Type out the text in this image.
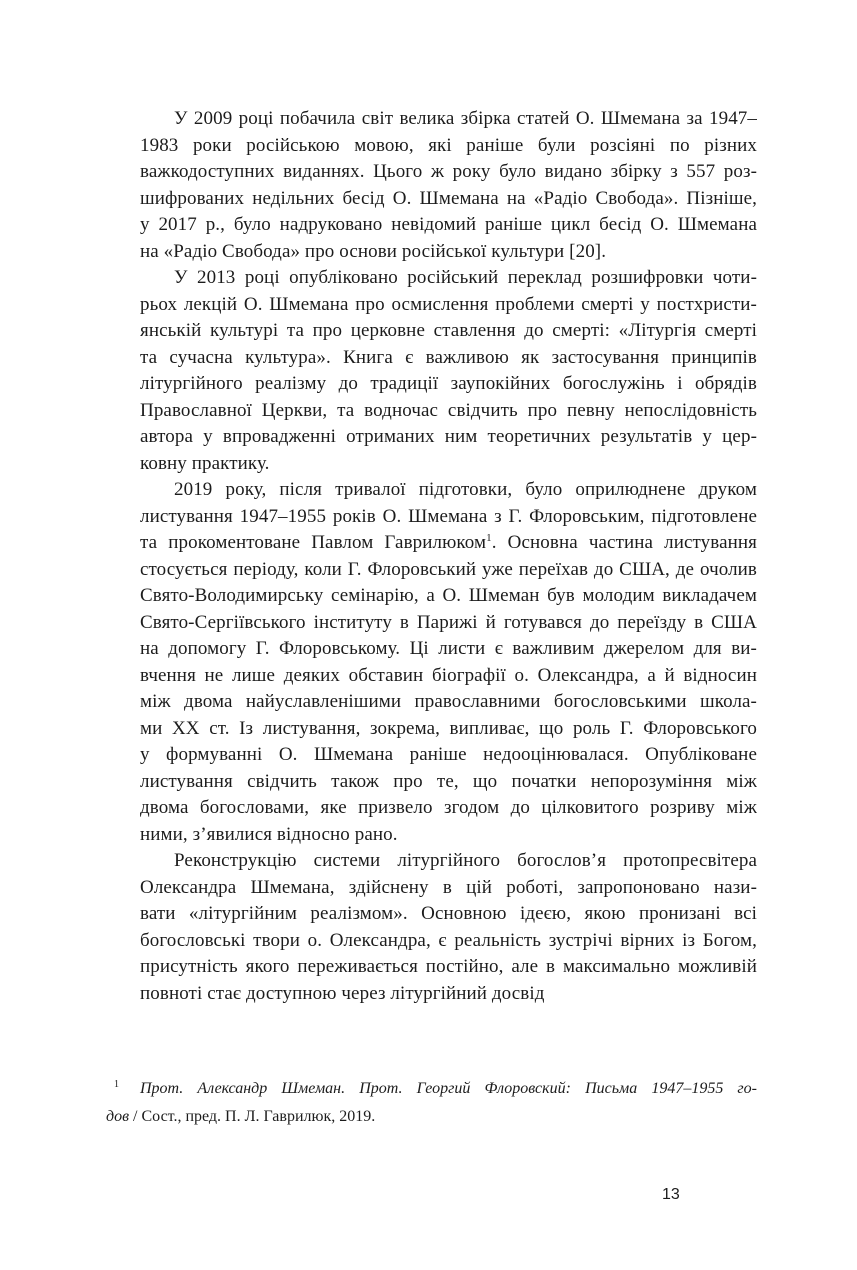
У 2009 році побачила світ велика збірка статей О. Шмемана за 1947–
1983 роки російською мовою, які раніше були розсіяні по різних
важкодоступних виданнях. Цього ж року було видано збірку з 557 роз-
шифрованих недільних бесід О. Шмемана на «Радіо Свобода». Пізніше,
у 2017 р., було надруковано невідомий раніше цикл бесід О. Шмемана
на «Радіо Свобода» про основи російської культури [20].

У 2013 році опубліковано російський переклад розшифровки чоти-
рьох лекцій О. Шмемана про осмислення проблеми смерті у постхристи-
янській культурі та про церковне ставлення до смерті: «Літургія смерті
та сучасна культура». Книга є важливою як застосування принципів
літургійного реалізму до традиції заупокійних богослужінь і обрядів
Православної Церкви, та водночас свідчить про певну непослідовність
автора у впровадженні отриманих ним теоретичних результатів у цер-
ковну практику.

2019 року, після тривалої підготовки, було оприлюднене друком
листування 1947–1955 років О. Шмемана з Г. Флоровським, підготовлене
та прокоментоване Павлом Гаврилюком$^1$. Основна частина листування
стосується періоду, коли Г. Флоровський уже переїхав до США, де очолив
Свято-Володимирську семінарію, а О. Шмеман був молодим викладачем
Свято-Сергіївського інституту в Парижі й готувався до переїзду в США
на допомогу Г. Флоровському. Ці листи є важливим джерелом для ви-
вчення не лише деяких обставин біографії о. Олександра, а й відносин
між двома найуславленішими православними богословськими школа-
ми XX ст. Із листування, зокрема, випливає, що роль Г. Флоровського
у формуванні О. Шмемана раніше недооцінювалася. Опубліковане
листування свідчить також про те, що початки непорозуміння між
двома богословами, яке призвело згодом до цілковитого розриву між
ними, з’явилися відносно рано.

Реконструкцію системи літургійного богослов’я протопресвітера
Олександра Шмемана, здійснену в цій роботі, запропоновано нази-
вати «літургійним реалізмом». Основною ідеєю, якою пронизані всі
богословські твори о. Олександра, є реальність зустрічі вірних із Богом,
присутність якого переживається постійно, але в максимально можливій
повноті стає доступною через літургійний досвід

1 Прот. Александр Шмеман. Прот. Георгий Флоровский: Письма 1947–1955 го-
дов / Сост., пред. П. Л. Гаврилюк, 2019.
13
